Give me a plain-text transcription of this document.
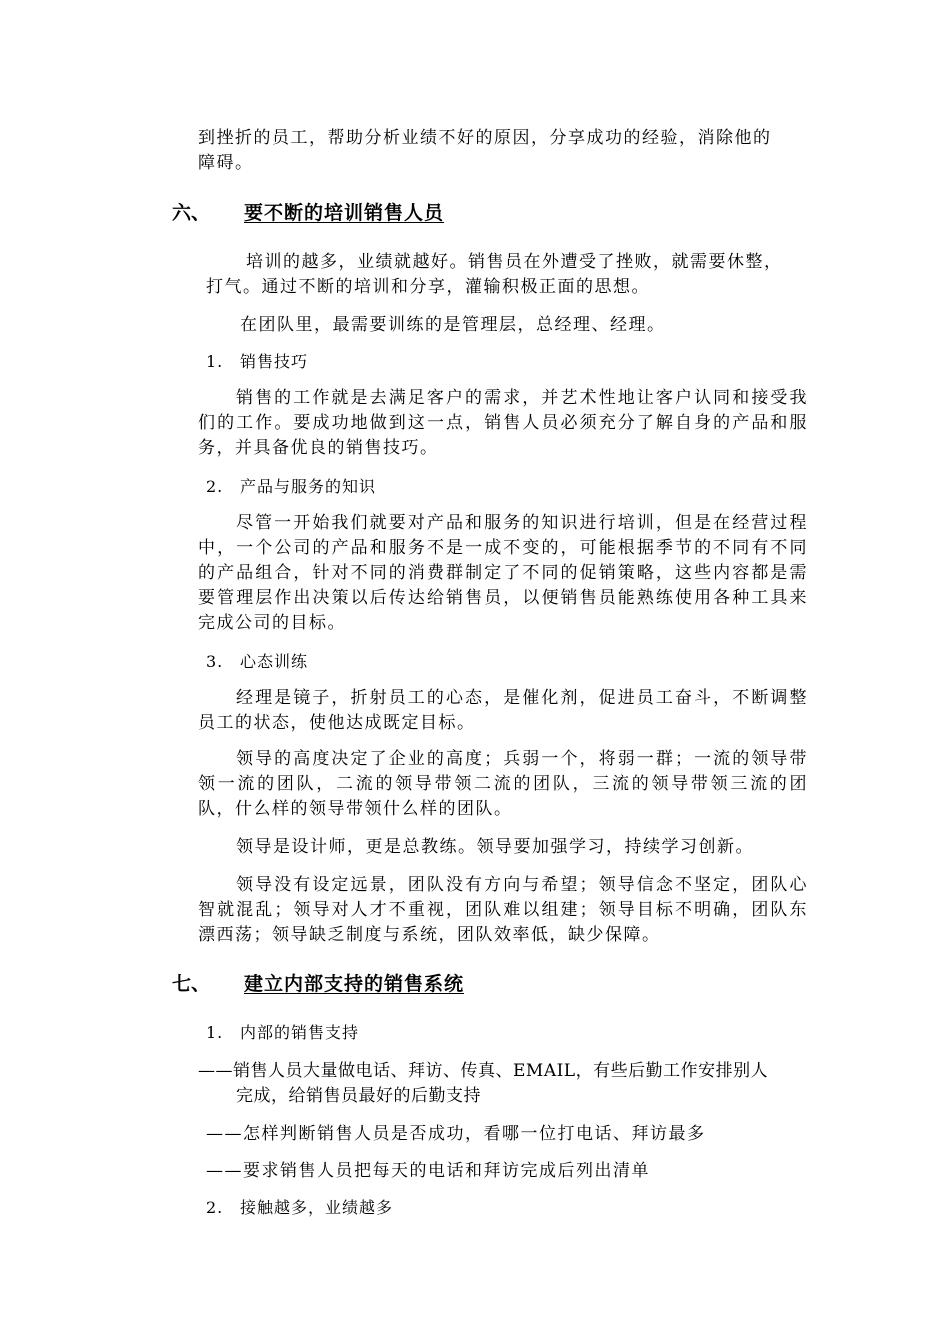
到挫折的员工，帮助分析业绩不好的原因，分享成功的经验，消除他的
障碍。

六、 要不断的培训销售人员

培训的越多，业绩就越好。销售员在外遭受了挫败，就需要休整，

打气。通过不断的培训和分享，灌输积极正面的思想。

在团队里，最需要训练的是管理层，总经理、经理。

1. 销售技巧

销售的工作就是去满足客户的需求，并艺术性地让客户认同和接受我们的工作。要成功地做到这一点，销售人员必须充分了解自身的产品和服务，并具备优良的销售技巧。

2. 产品与服务的知识

尽管一开始我们就要对产品和服务的知识进行培训，但是在经营过程中，一个公司的产品和服务不是一成不变的，可能根据季节的不同有不同的产品组合，针对不同的消费群制定了不同的促销策略，这些内容都是需要管理层作出决策以后传达给销售员，以便销售员能熟练使用各种工具来完成公司的目标。

3. 心态训练

经理是镜子，折射员工的心态，是催化剂，促进员工奋斗，不断调整员工的状态，使他达成既定目标。

领导的高度决定了企业的高度；兵弱一个，将弱一群；一流的领导带领一流的团队，二流的领导带领二流的团队，三流的领导带领三流的团队，什么样的领导带领什么样的团队。

领导是设计师，更是总教练。领导要加强学习，持续学习创新。

领导没有设定远景，团队没有方向与希望；领导信念不坚定，团队心智就混乱；领导对人才不重视，团队难以组建；领导目标不明确，团队东漂西荡；领导缺乏制度与系统，团队效率低，缺少保障。

七、 建立内部支持的销售系统

1. 内部的销售支持

——销售人员大量做电话、拜访、传真、EMAIL，有些后勤工作安排别人
完成，给销售员最好的后勤支持

——怎样判断销售人员是否成功，看哪一位打电话、拜访最多

——要求销售人员把每天的电话和拜访完成后列出清单

2. 接触越多，业绩越多
